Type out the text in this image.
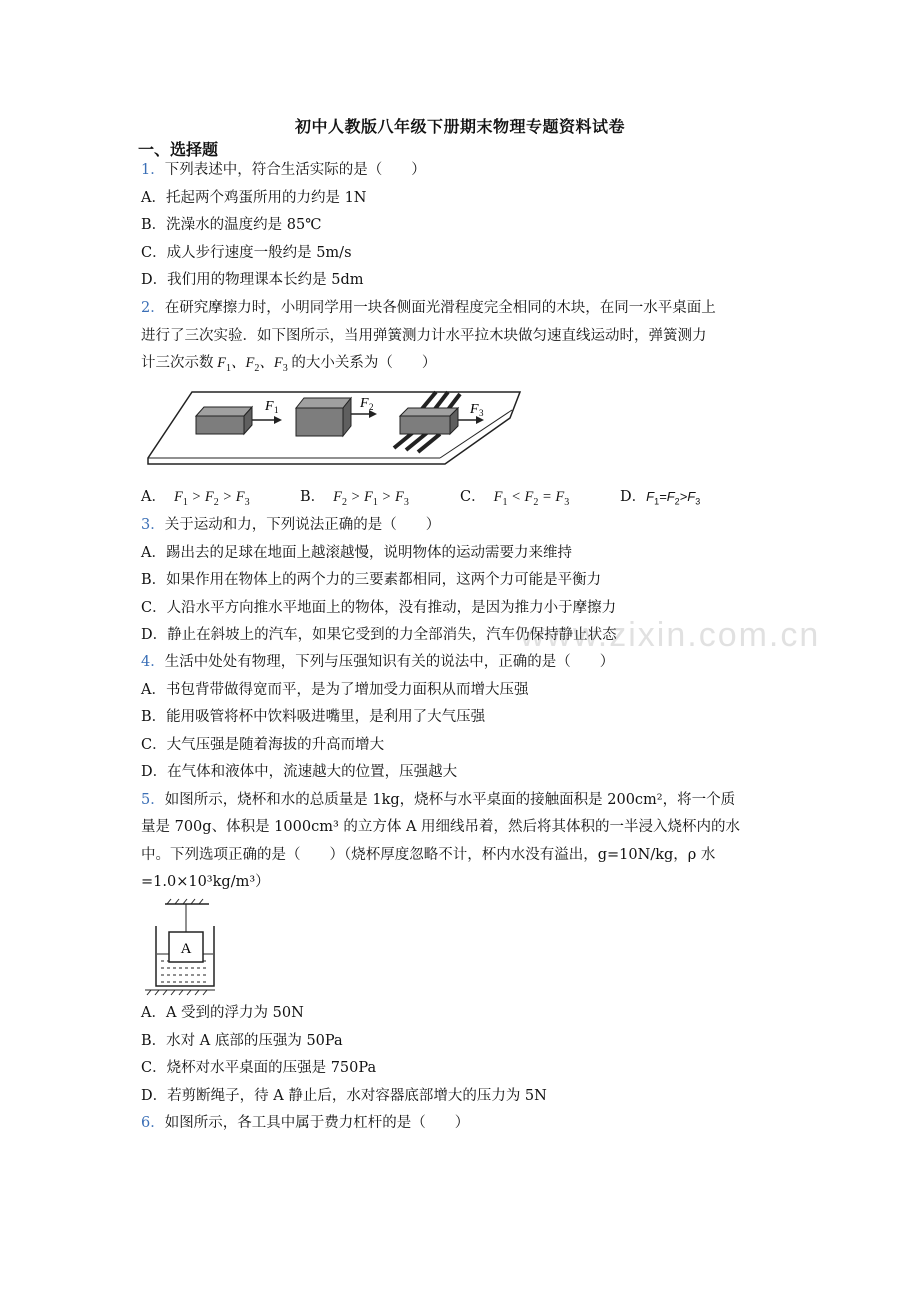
初中人教版八年级下册期末物理专题资料试卷
一、选择题
1．下列表述中，符合生活实际的是（　　）
A．托起两个鸡蛋所用的力约是 1N
B．洗澡水的温度约是 85℃
C．成人步行速度一般约是 5m/s
D．我们用的物理课本长约是 5dm
2．在研究摩擦力时，小明同学用一块各侧面光滑程度完全相同的木块，在同一水平桌面上
进行了三次实验．如下图所示，当用弹簧测力计水平拉木块做匀速直线运动时，弹簧测力
计三次示数 $F_1$、$F_2$、$F_3$ 的大小关系为（　　）
F 1	F 2	F 3
A． $F_1 > F_2 > F_3$	B． $F_2 > F_1 > F_3$	C． $F_1 < F_2 = F_3$	D．$F_1=F_2>F_3$
3．关于运动和力，下列说法正确的是（　　）
A．踢出去的足球在地面上越滚越慢，说明物体的运动需要力来维持
B．如果作用在物体上的两个力的三要素都相同，这两个力可能是平衡力
C．人沿水平方向推水平地面上的物体，没有推动，是因为推力小于摩擦力
D．静止在斜坡上的汽车，如果它受到的力全部消失，汽车仍保持静止状态
www.zixin.com.cn
4．生活中处处有物理，下列与压强知识有关的说法中，正确的是（　　）
A．书包背带做得宽而平，是为了增加受力面积从而增大压强
B．能用吸管将杯中饮料吸进嘴里，是利用了大气压强
C．大气压强是随着海拔的升高而增大
D．在气体和液体中，流速越大的位置，压强越大
5．如图所示，烧杯和水的总质量是 1kg，烧杯与水平桌面的接触面积是 200cm²，将一个质
量是 700g、体积是 1000cm³ 的立方体 A 用细线吊着，然后将其体积的一半浸入烧杯内的水
中。下列选项正确的是（　　）（烧杯厚度忽略不计，杯内水没有溢出，g=10N/kg，ρ 水
=1.0×10³kg/m³）
A
A．A 受到的浮力为 50N
B．水对 A 底部的压强为 50Pa
C．烧杯对水平桌面的压强是 750Pa
D．若剪断绳子，待 A 静止后，水对容器底部增大的压力为 5N
6．如图所示，各工具中属于费力杠杆的是（　　）
